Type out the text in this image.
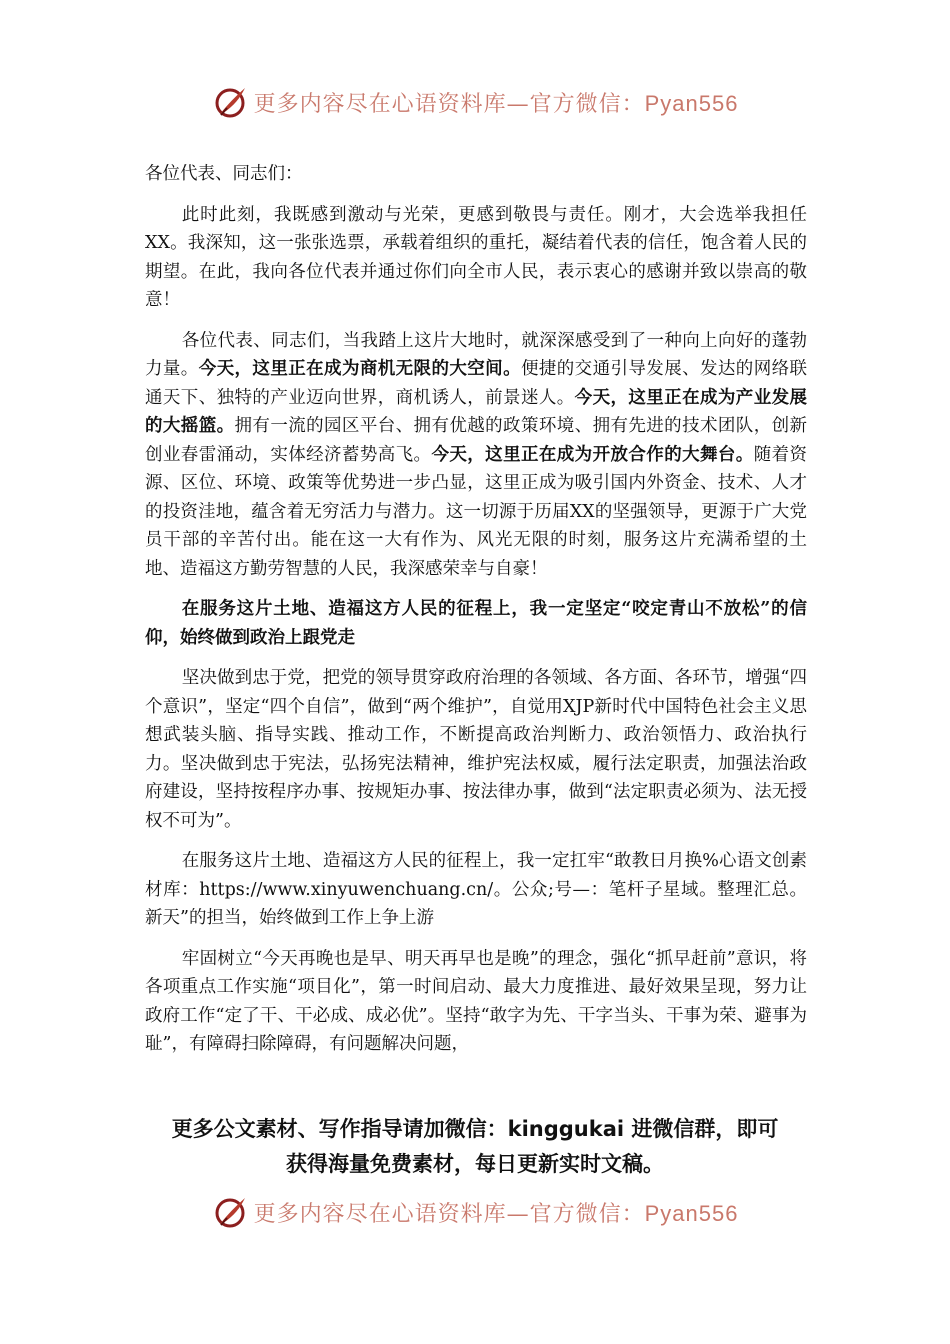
更多内容尽在心语资料库—官方微信：Pyan556

各位代表、同志们：

此时此刻，我既感到激动与光荣，更感到敬畏与责任。刚才，大会选举我担任XX。我深知，这一张张选票，承载着组织的重托，凝结着代表的信任，饱含着人民的期望。在此，我向各位代表并通过你们向全市人民，表示衷心的感谢并致以崇高的敬意！

各位代表、同志们，当我踏上这片大地时，就深深感受到了一种向上向好的蓬勃力量。今天，这里正在成为商机无限的大空间。便捷的交通引导发展、发达的网络联通天下、独特的产业迈向世界，商机诱人，前景迷人。今天，这里正在成为产业发展的大摇篮。拥有一流的园区平台、拥有优越的政策环境、拥有先进的技术团队，创新创业春雷涌动，实体经济蓄势高飞。今天，这里正在成为开放合作的大舞台。随着资源、区位、环境、政策等优势进一步凸显，这里正成为吸引国内外资金、技术、人才的投资洼地，蕴含着无穷活力与潜力。这一切源于历届XX的坚强领导，更源于广大党员干部的辛苦付出。能在这一大有作为、风光无限的时刻，服务这片充满希望的土地、造福这方勤劳智慧的人民，我深感荣幸与自豪！

在服务这片土地、造福这方人民的征程上，我一定坚定“咬定青山不放松”的信仰，始终做到政治上跟党走

坚决做到忠于党，把党的领导贯穿政府治理的各领域、各方面、各环节，增强“四个意识”，坚定“四个自信”，做到“两个维护”，自觉用XJP新时代中国特色社会主义思想武装头脑、指导实践、推动工作，不断提高政治判断力、政治领悟力、政治执行力。坚决做到忠于宪法，弘扬宪法精神，维护宪法权威，履行法定职责，加强法治政府建设，坚持按程序办事、按规矩办事、按法律办事，做到“法定职责必须为、法无授权不可为”。

在服务这片土地、造福这方人民的征程上，我一定扛牢“敢教日月换%心语文创素材库：https://www.xinyuwenchuang.cn/。公众;号—：笔杆子星域。整理汇总。新天”的担当，始终做到工作上争上游

牢固树立“今天再晚也是早、明天再早也是晚”的理念，强化“抓早赶前”意识，将各项重点工作实施“项目化”，第一时间启动、最大力度推进、最好效果呈现，努力让政府工作“定了干、干必成、成必优”。坚持“敢字为先、干字当头、干事为荣、避事为耻”，有障碍扫除障碍，有问题解决问题，

更多公文素材、写作指导请加微信：kinggukai 进微信群，即可
获得海量免费素材，每日更新实时文稿。
更多内容尽在心语资料库—官方微信：Pyan556
